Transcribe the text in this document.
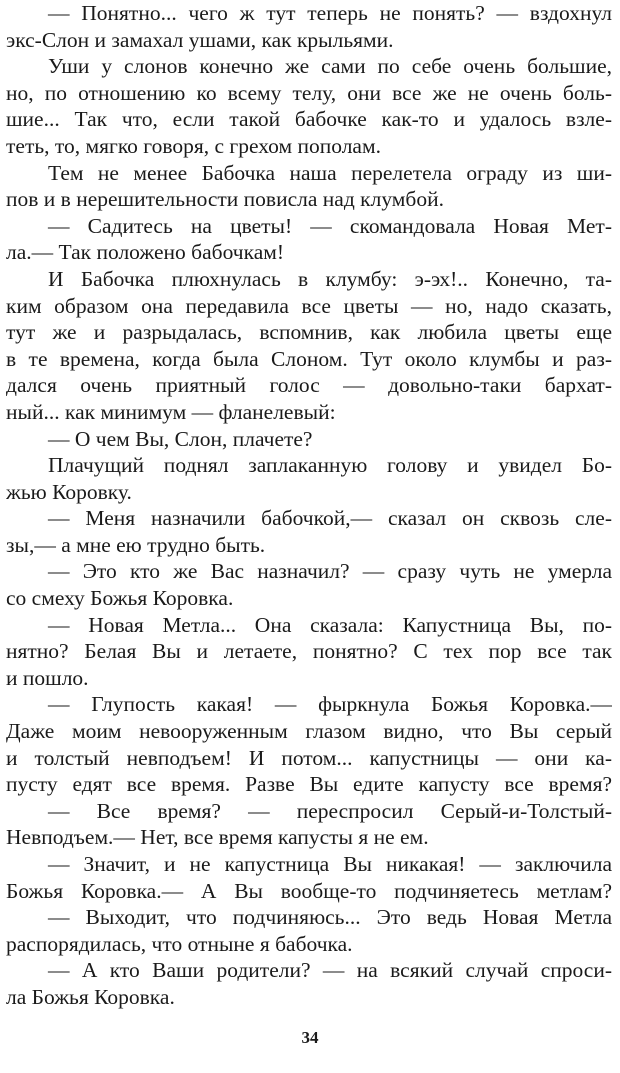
— Понятно... чего ж тут теперь не понять? — вздохнул
экс-Слон и замахал ушами, как крыльями.
Уши у слонов конечно же сами по себе очень большие,
но, по отношению ко всему телу, они все же не очень боль-
шие... Так что, если такой бабочке как-то и удалось взле-
теть, то, мягко говоря, с грехом пополам.
Тем не менее Бабочка наша перелетела ограду из ши-
пов и в нерешительности повисла над клумбой.
— Садитесь на цветы! — скомандовала Новая Мет-
ла.— Так положено бабочкам!
И Бабочка плюхнулась в клумбу: э-эх!.. Конечно, та-
ким образом она передавила все цветы — но, надо сказать,
тут же и разрыдалась, вспомнив, как любила цветы еще
в те времена, когда была Слоном. Тут около клумбы и раз-
дался очень приятный голос — довольно-таки бархат-
ный... как минимум — фланелевый:
— О чем Вы, Слон, плачете?
Плачущий поднял заплаканную голову и увидел Бо-
жью Коровку.
— Меня назначили бабочкой,— сказал он сквозь сле-
зы,— а мне ею трудно быть.
— Это кто же Вас назначил? — сразу чуть не умерла
со смеху Божья Коровка.
— Новая Метла... Она сказала: Капустница Вы, по-
нятно? Белая Вы и летаете, понятно? С тех пор все так
и пошло.
— Глупость какая! — фыркнула Божья Коровка.—
Даже моим невооруженным глазом видно, что Вы серый
и толстый невподъем! И потом... капустницы — они ка-
пусту едят все время. Разве Вы едите капусту все время?
— Все время? — переспросил Серый-и-Толстый-
Невподъем.— Нет, все время капусты я не ем.
— Значит, и не капустница Вы никакая! — заключила
Божья Коровка.— А Вы вообще-то подчиняетесь метлам?
— Выходит, что подчиняюсь... Это ведь Новая Метла
распорядилась, что отныне я бабочка.
— А кто Ваши родители? — на всякий случай спроси-
ла Божья Коровка.
34
